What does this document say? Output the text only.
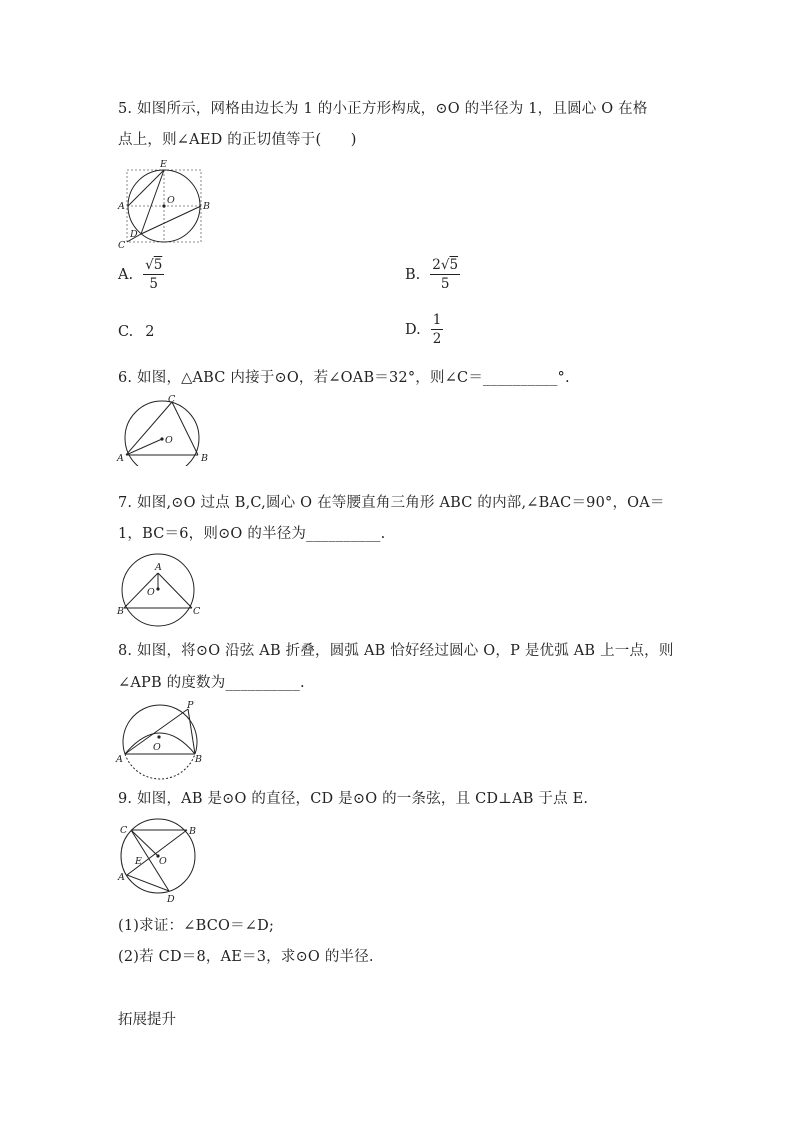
5. 如图所示，网格由边长为 1 的小正方形构成，⊙O 的半径为 1，且圆心 O 在格
点上，则∠AED 的正切值等于(　　)
E
O
A	B
C
D
A. $\frac{√5}{5}$	B. $\frac{2√5}{5}$
C. 2	D. $\frac{1}{2}$
6. 如图，△ABC 内接于⊙O，若∠OAB＝32°，则∠C＝__________°.
C
O
A	B
7. 如图,⊙O 过点 B,C,圆心 O 在等腰直角三角形 ABC 的内部,∠BAC＝90°，OA＝
1，BC＝6，则⊙O 的半径为__________.
A
O
B	C
8. 如图，将⊙O 沿弦 AB 折叠，圆弧 AB 恰好经过圆心 O，P 是优弧 AB 上一点，则
∠APB 的度数为__________.
P
O
A	B
9. 如图，AB 是⊙O 的直径，CD 是⊙O 的一条弦，且 CD⊥AB 于点 E.
C	B
E O
A
D
(1)求证：∠BCO＝∠D;
(2)若 CD＝8，AE＝3，求⊙O 的半径.
拓展提升
